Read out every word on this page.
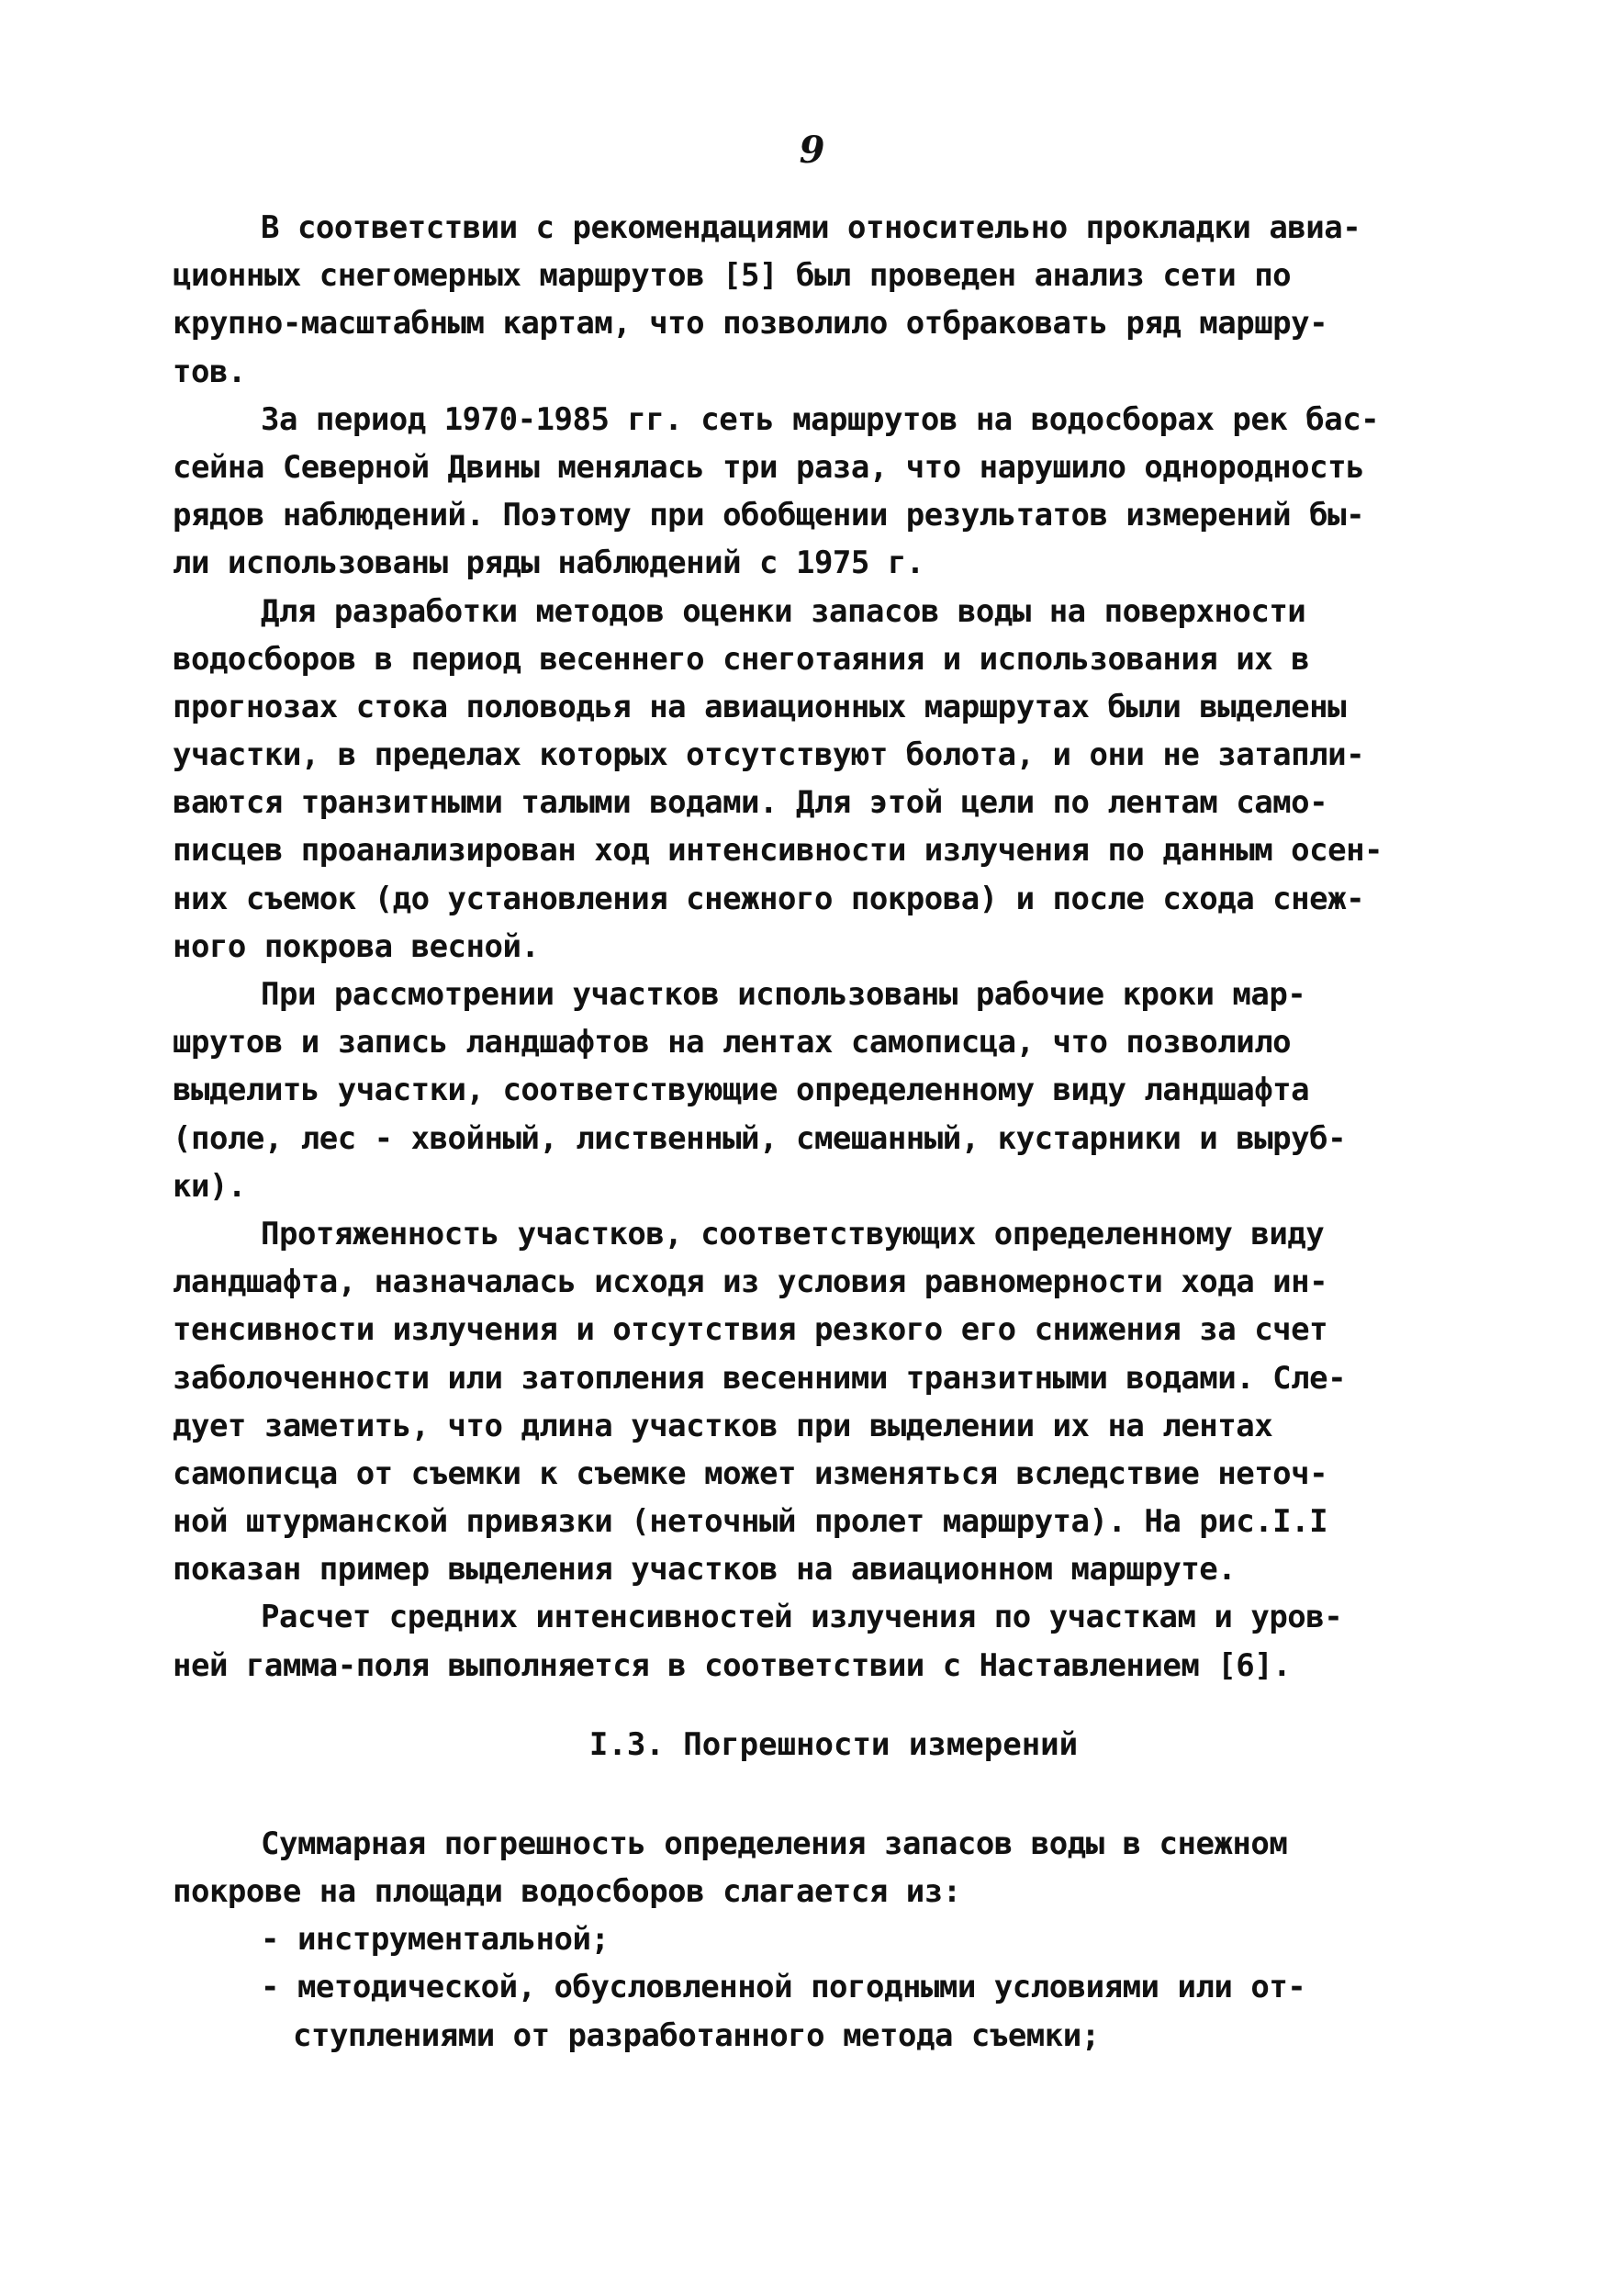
9
В соответствии с рекомендациями относительно прокладки авиа-
ционных снегомерных маршрутов [5] был проведен анализ сети по
крупно-масштабным картам, что позволило отбраковать ряд маршру-
тов.
За период 1970-1985 гг. сеть маршрутов на водосборах рек бас-
сейна Северной Двины менялась три раза, что нарушило однородность
рядов наблюдений. Поэтому при обобщении результатов измерений бы-
ли использованы ряды наблюдений с 1975 г.
Для разработки методов оценки запасов воды на поверхности
водосборов в период весеннего снеготаяния и использования их в
прогнозах стока половодья на авиационных маршрутах были выделены
участки, в пределах которых отсутствуют болота, и они не затапли-
ваются транзитными талыми водами. Для этой цели по лентам само-
писцев проанализирован ход интенсивности излучения по данным осен-
них съемок (до установления снежного покрова) и после схода снеж-
ного покрова весной.
При рассмотрении участков использованы рабочие кроки мар-
шрутов и запись ландшафтов на лентах самописца, что позволило
выделить участки, соответствующие определенному виду ландшафта
(поле, лес - хвойный, лиственный, смешанный, кустарники и выруб-
ки).
Протяженность участков, соответствующих определенному виду
ландшафта, назначалась исходя из условия равномерности хода ин-
тенсивности излучения и отсутствия резкого его снижения за счет
заболоченности или затопления весенними транзитными водами. Сле-
дует заметить, что длина участков при выделении их на лентах
самописца от съемки к съемке может изменяться вследствие неточ-
ной штурманской привязки (неточный пролет маршрута). На рис.I.I
показан пример выделения участков на авиационном маршруте.
Расчет средних интенсивностей излучения по участкам и уров-
ней гамма-поля выполняется в соответствии с Наставлением [6].
I.3. Погрешности измерений
Суммарная погрешность определения запасов воды в снежном
покрове на площади водосборов слагается из:
- инструментальной;
- методической, обусловленной погодными условиями или от-
ступлениями от разработанного метода съемки;
